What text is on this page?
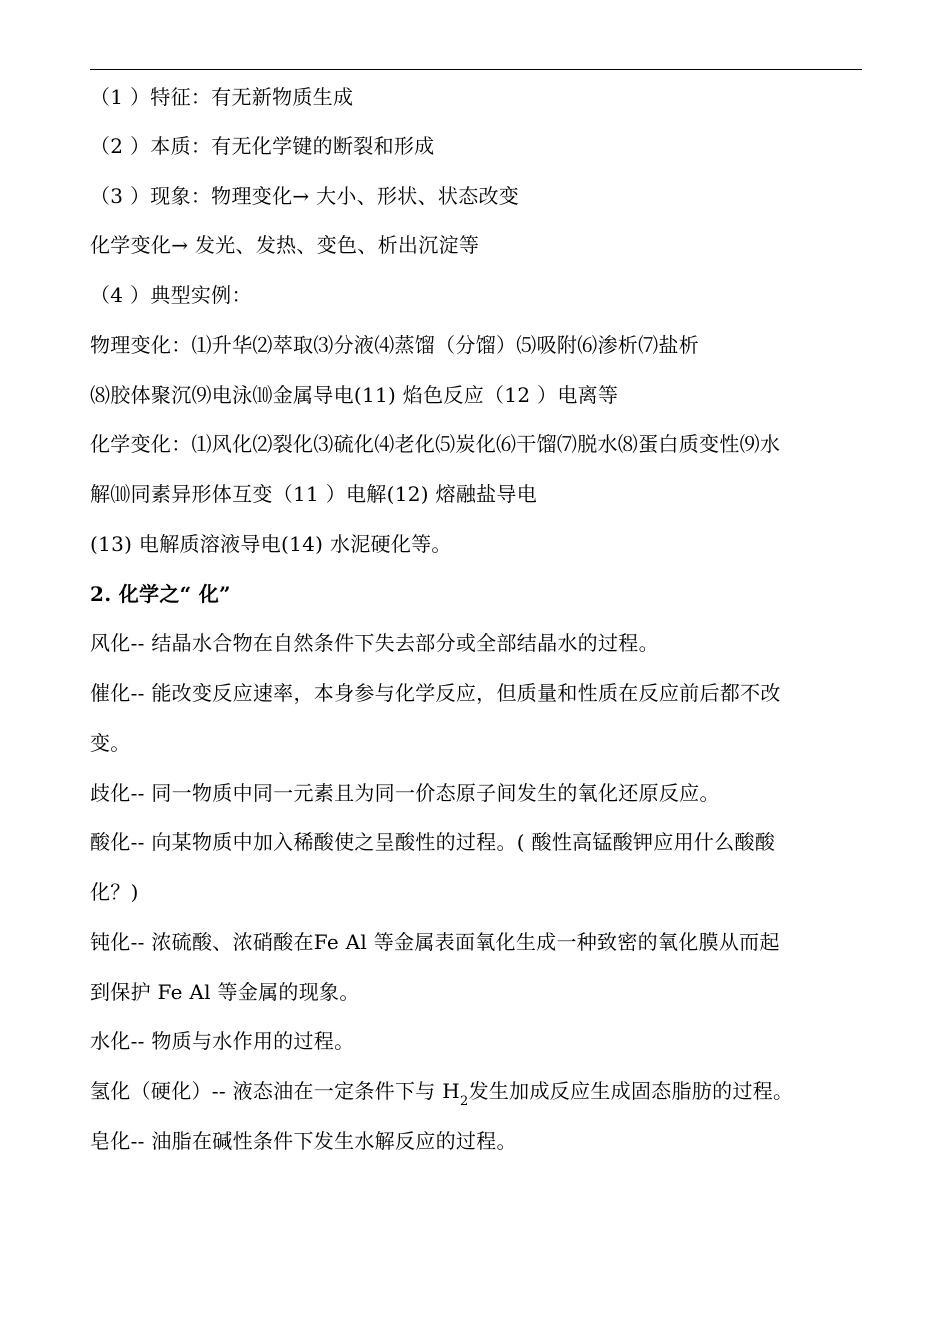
（1 ）特征：有无新物质生成
（2 ）本质：有无化学键的断裂和形成
（3 ）现象：物理变化→ 大小、形状、状态改变
化学变化→ 发光、发热、变色、析出沉淀等
（4 ）典型实例：
物理变化：⑴升华⑵萃取⑶分液⑷蒸馏（分馏）⑸吸附⑹渗析⑺盐析
⑻胶体聚沉⑼电泳⑽金属导电(11) 焰色反应（12 ）电离等
化学变化：⑴风化⑵裂化⑶硫化⑷老化⑸炭化⑹干馏⑺脱水⑻蛋白质变性⑼水
解⑽同素异形体互变（11 ）电解(12) 熔融盐导电
(13) 电解质溶液导电(14) 水泥硬化等。
2. 化学之“ 化”
风化-- 结晶水合物在自然条件下失去部分或全部结晶水的过程。
催化-- 能改变反应速率，本身参与化学反应，但质量和性质在反应前后都不改
变。
歧化-- 同一物质中同一元素且为同一价态原子间发生的氧化还原反应。
酸化-- 向某物质中加入稀酸使之呈酸性的过程。( 酸性高锰酸钾应用什么酸酸
化？)
钝化-- 浓硫酸、浓硝酸在Fe Al 等金属表面氧化生成一种致密的氧化膜从而起
到保护 Fe Al 等金属的现象。
水化-- 物质与水作用的过程。
氢化（硬化）-- 液态油在一定条件下与 $H_2$发生加成反应生成固态脂肪的过程。
皂化-- 油脂在碱性条件下发生水解反应的过程。
